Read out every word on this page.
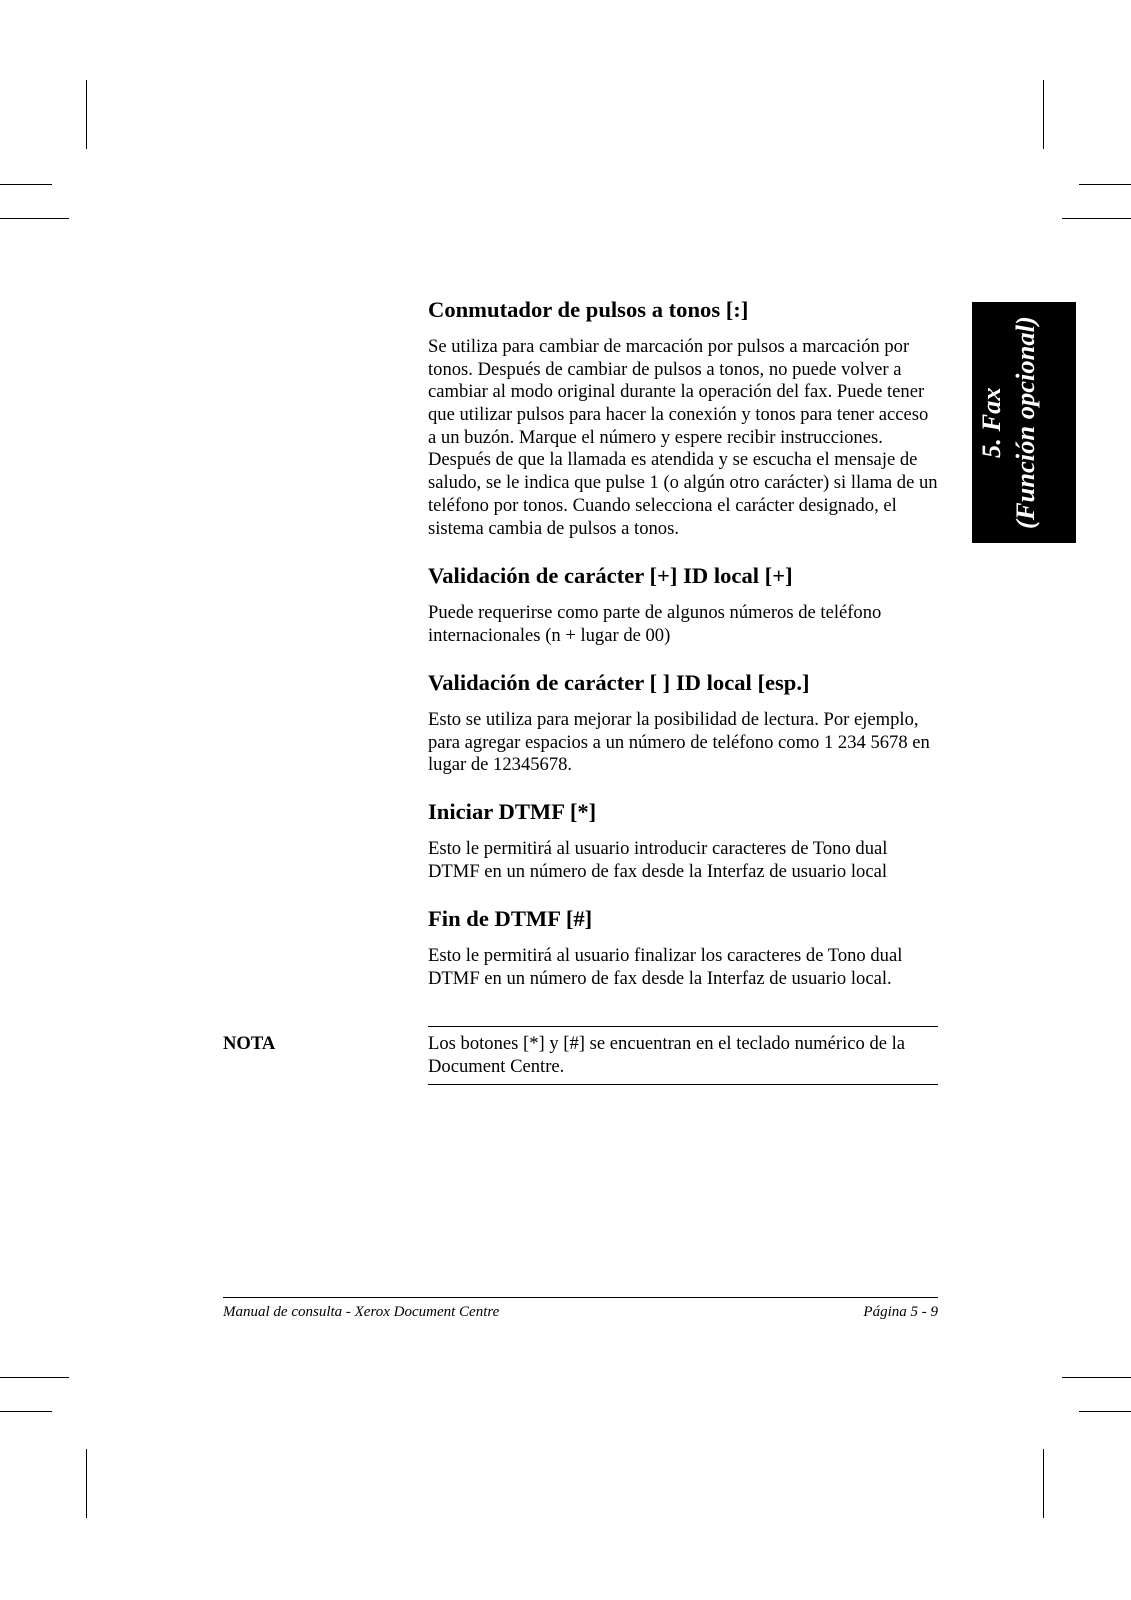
5. Fax (Función opcional)
Conmutador de pulsos a tonos [:]
Se utiliza para cambiar de marcación por pulsos a marcación por
tonos. Después de cambiar de pulsos a tonos, no puede volver a
cambiar al modo original durante la operación del fax. Puede tener
que utilizar pulsos para hacer la conexión y tonos para tener acceso
a un buzón. Marque el número y espere recibir instrucciones.
Después de que la llamada es atendida y se escucha el mensaje de
saludo, se le indica que pulse 1 (o algún otro carácter) si llama de un
teléfono por tonos. Cuando selecciona el carácter designado, el
sistema cambia de pulsos a tonos.
Validación de carácter [+] ID local [+]
Puede requerirse como parte de algunos números de teléfono
internacionales (n + lugar de 00)
Validación de carácter [ ] ID local [esp.]
Esto se utiliza para mejorar la posibilidad de lectura. Por ejemplo,
para agregar espacios a un número de teléfono como 1 234 5678 en
lugar de 12345678.
Iniciar DTMF [*]
Esto le permitirá al usuario introducir caracteres de Tono dual
DTMF en un número de fax desde la Interfaz de usuario local
Fin de DTMF [#]
Esto le permitirá al usuario finalizar los caracteres de Tono dual
DTMF en un número de fax desde la Interfaz de usuario local.
NOTA	Los botones [*] y [#] se encuentran en el teclado numérico de la
Document Centre.
Manual de consulta - Xerox Document Centre	Página 5 - 9
